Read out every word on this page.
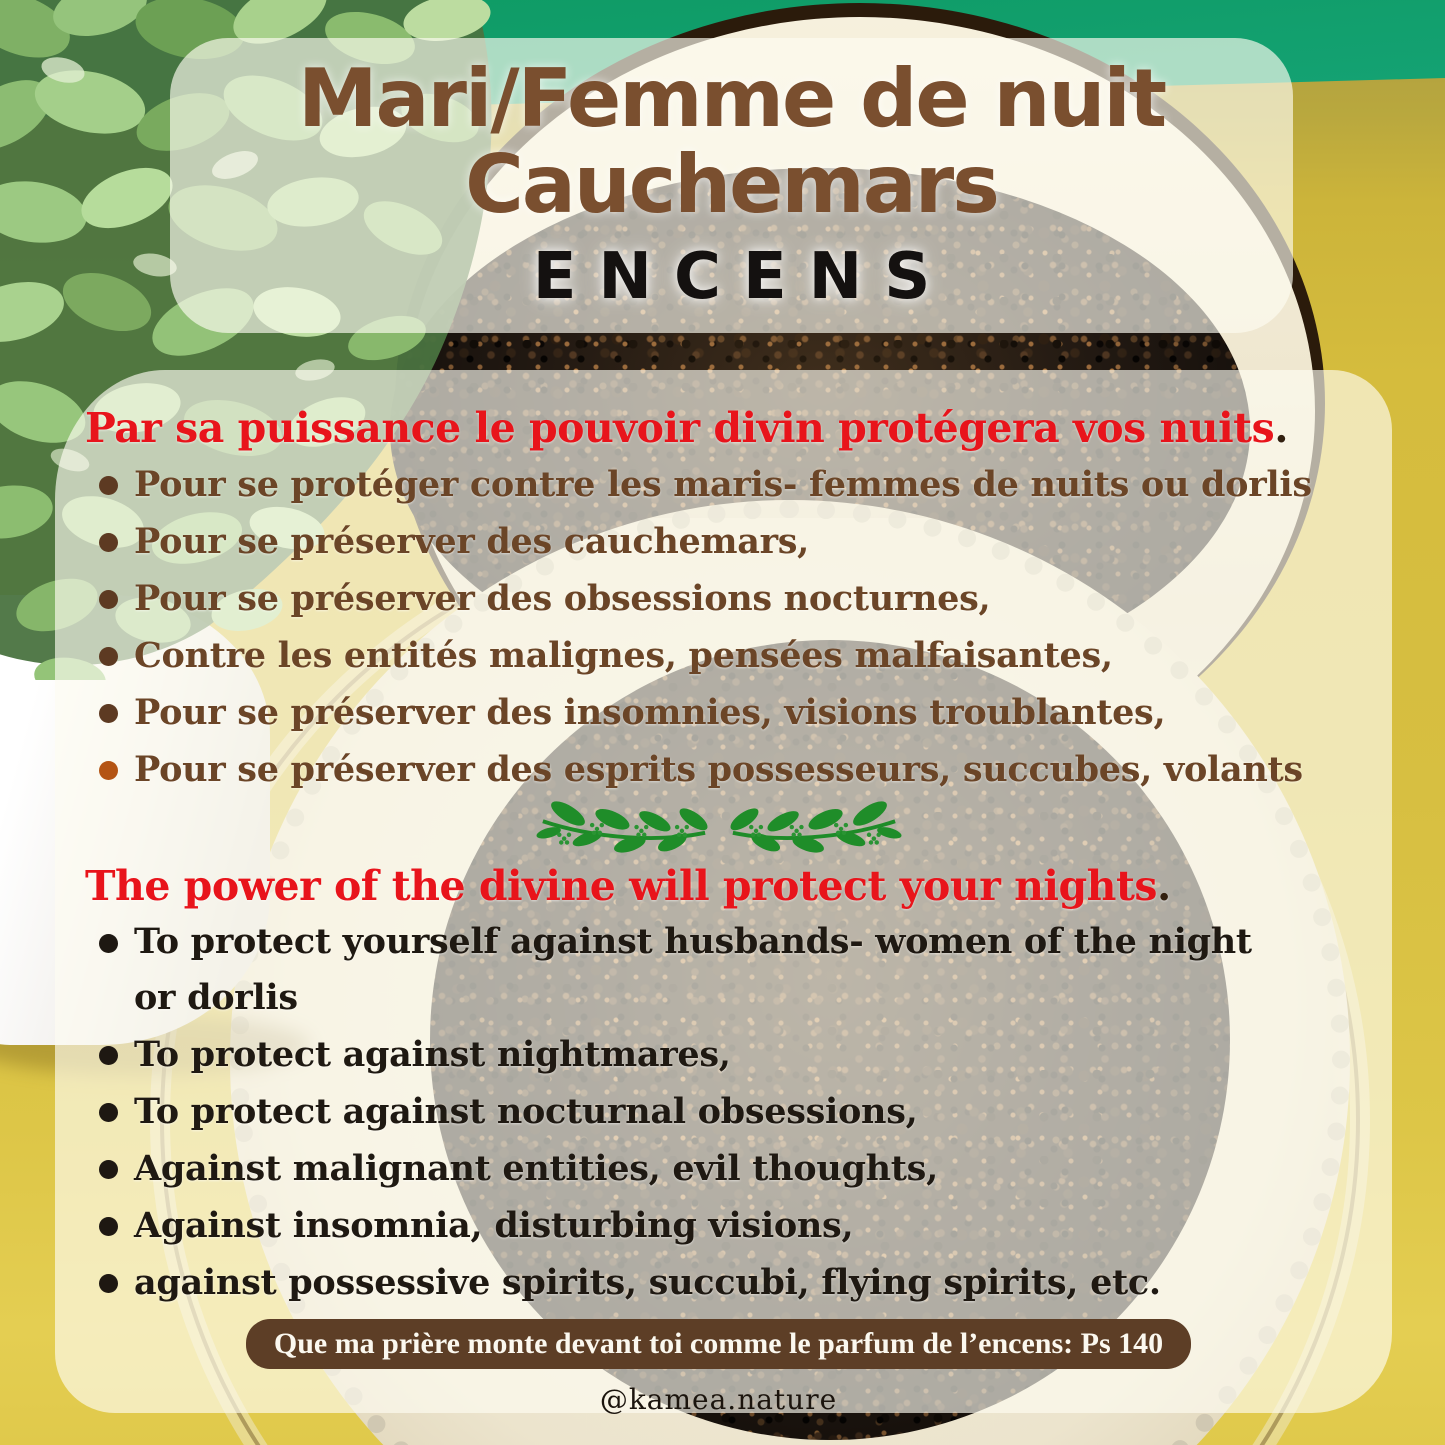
Mari/Femme de nuit
Cauchemars
ENCENS
Par sa puissance le pouvoir divin protégera vos nuits.
Pour se protéger contre les maris- femmes de nuits ou dorlis
Pour se préserver des cauchemars,
Pour se préserver des obsessions nocturnes,
Contre les entités malignes, pensées malfaisantes,
Pour se préserver des insomnies, visions troublantes,
Pour se préserver des esprits possesseurs, succubes, volants
The power of the divine will protect your nights.
To protect yourself against husbands- women of the night or dorlis
To protect against nightmares,
To protect against nocturnal obsessions,
Against malignant entities, evil thoughts,
Against insomnia, disturbing visions,
against possessive spirits, succubi, flying spirits, etc.
Que ma prière monte devant toi comme le parfum de l’encens: Ps 140
@kamea.nature
